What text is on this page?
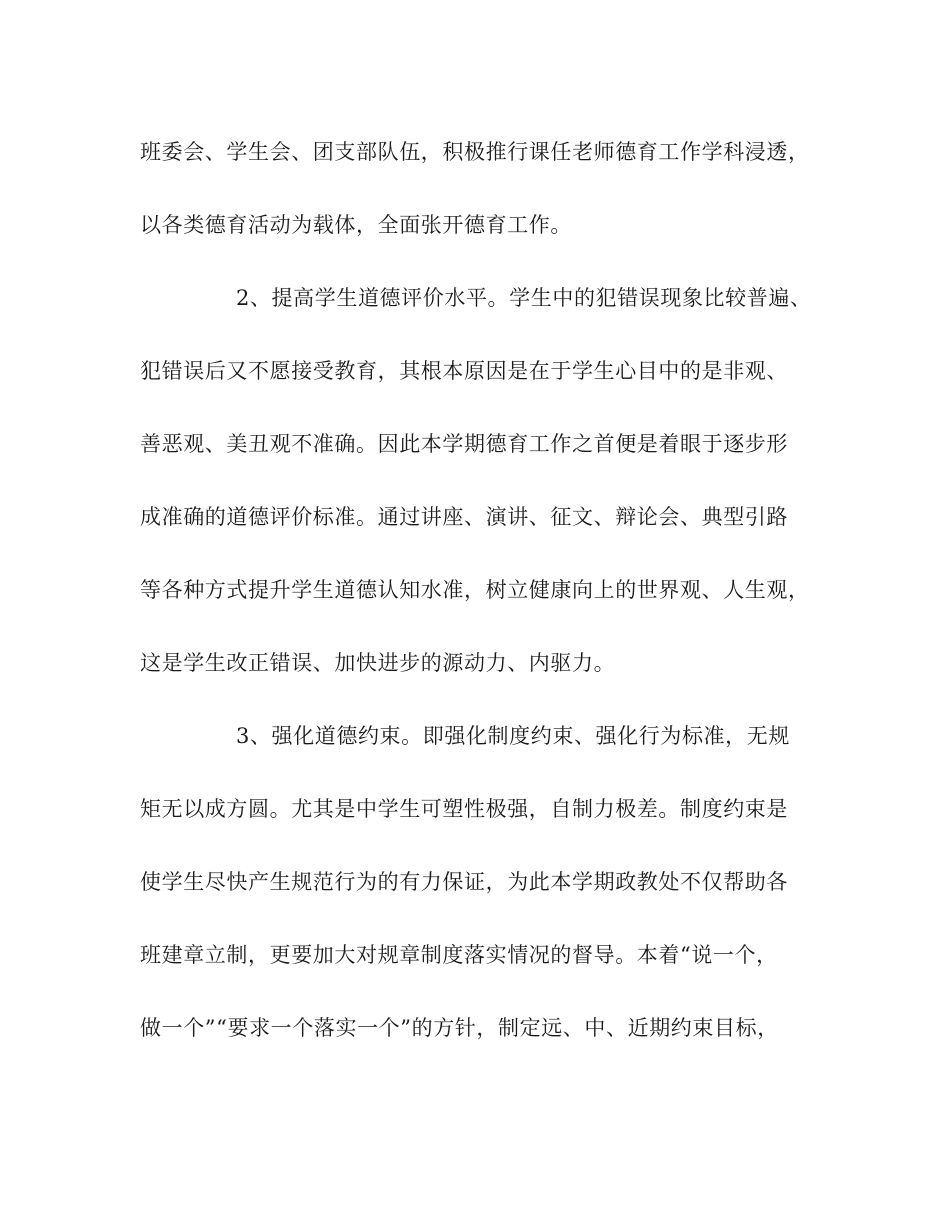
班委会、学生会、团支部队伍，积极推行课任老师德育工作学科浸透，
以各类德育活动为载体，全面张开德育工作。
2、提高学生道德评价水平。学生中的犯错误现象比较普遍、
犯错误后又不愿接受教育，其根本原因是在于学生心目中的是非观、
善恶观、美丑观不准确。因此本学期德育工作之首便是着眼于逐步形
成准确的道德评价标准。通过讲座、演讲、征文、辩论会、典型引路
等各种方式提升学生道德认知水准，树立健康向上的世界观、人生观，
这是学生改正错误、加快进步的源动力、内驱力。
3、强化道德约束。即强化制度约束、强化行为标准，无规
矩无以成方圆。尤其是中学生可塑性极强，自制力极差。制度约束是
使学生尽快产生规范行为的有力保证，为此本学期政教处不仅帮助各
班建章立制，更要加大对规章制度落实情况的督导。本着“说一个，
做一个”“要求一个落实一个”的方针，制定远、中、近期约束目标，
